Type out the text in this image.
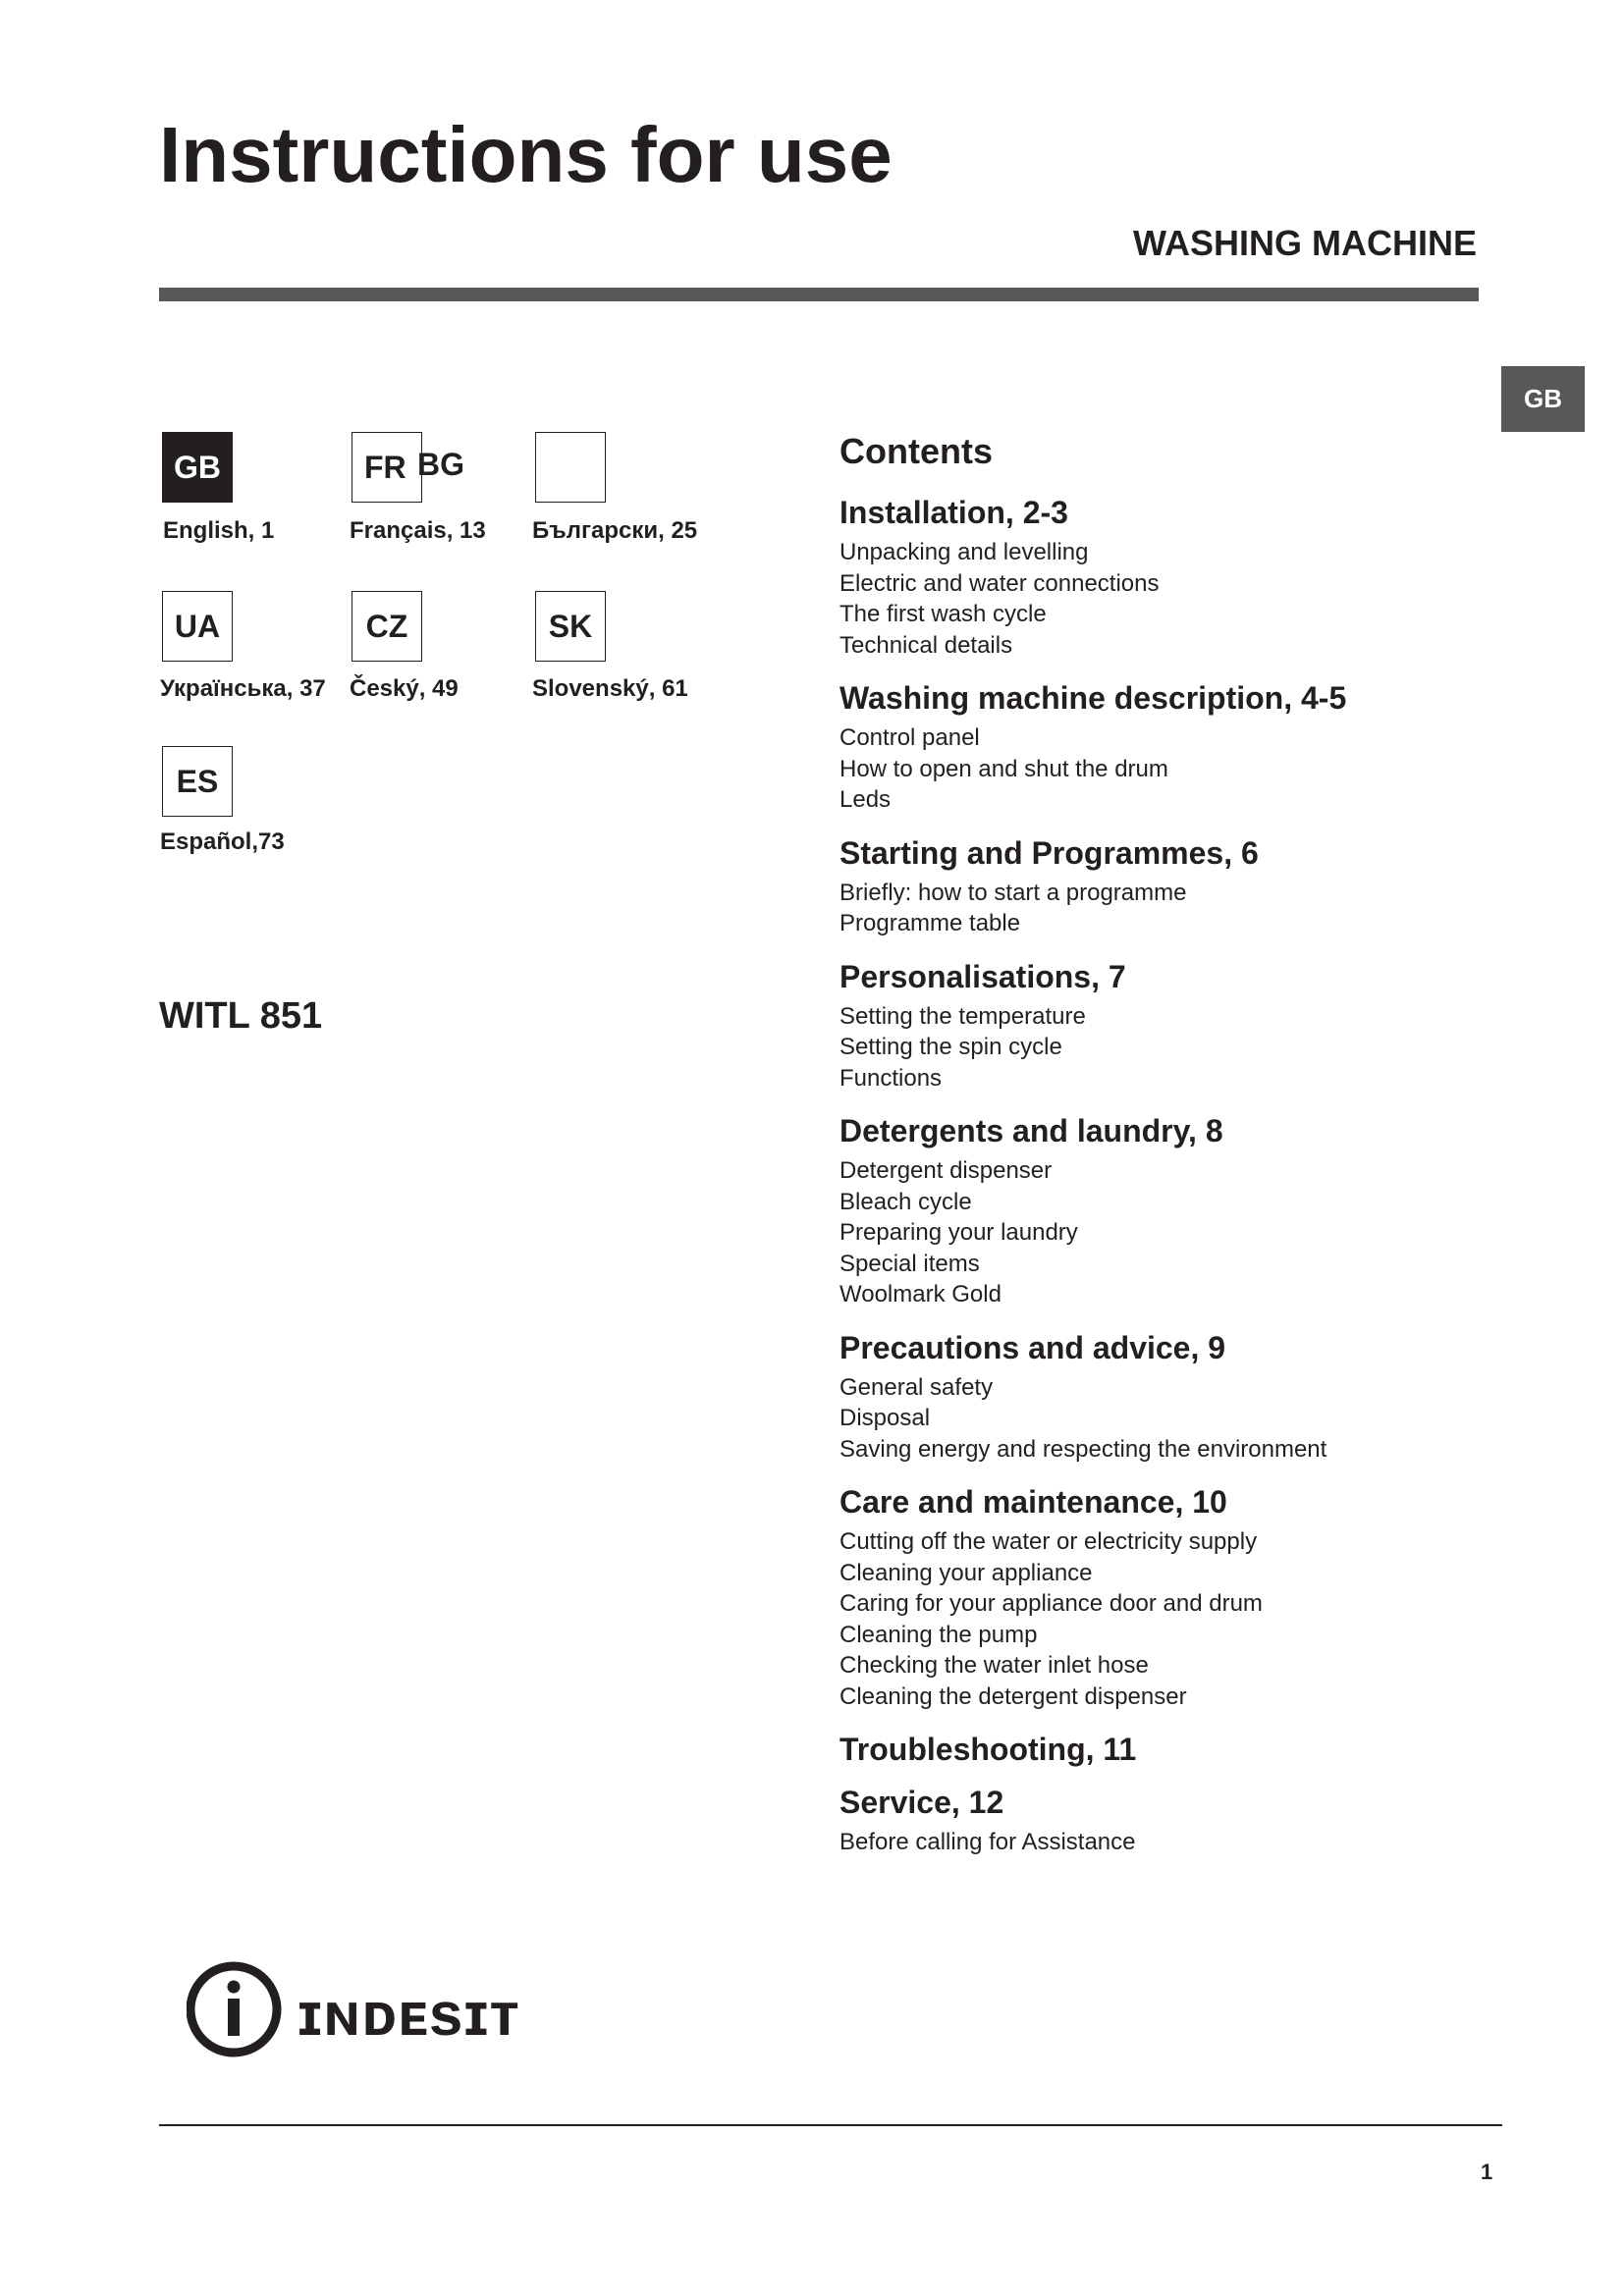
Instructions for use
WASHING MACHINE
GB
GB
English, 1
FR BG
Français, 13 Български, 25
UA
Українська, 37
CZ
Český, 49
SK
Slovenský, 61
ES
Español,73
WITL 851
Contents
Installation, 2-3
Unpacking and levelling
Electric and water connections
The first wash cycle
Technical details
Washing machine description, 4-5
Control panel
How to open and shut the drum
Leds
Starting and Programmes, 6
Briefly: how to start a programme
Programme table
Personalisations, 7
Setting the temperature
Setting the spin cycle
Functions
Detergents and laundry, 8
Detergent dispenser
Bleach cycle
Preparing your laundry
Special items
Woolmark Gold
Precautions and advice, 9
General safety
Disposal
Saving energy and respecting the environment
Care and maintenance, 10
Cutting off the water or electricity supply
Cleaning your appliance
Caring for your appliance door and drum
Cleaning the pump
Checking the water inlet hose
Cleaning the detergent dispenser
Troubleshooting, 11
Service, 12
Before calling for Assistance
ɪɴᴅᴇsɪᴛ
1
